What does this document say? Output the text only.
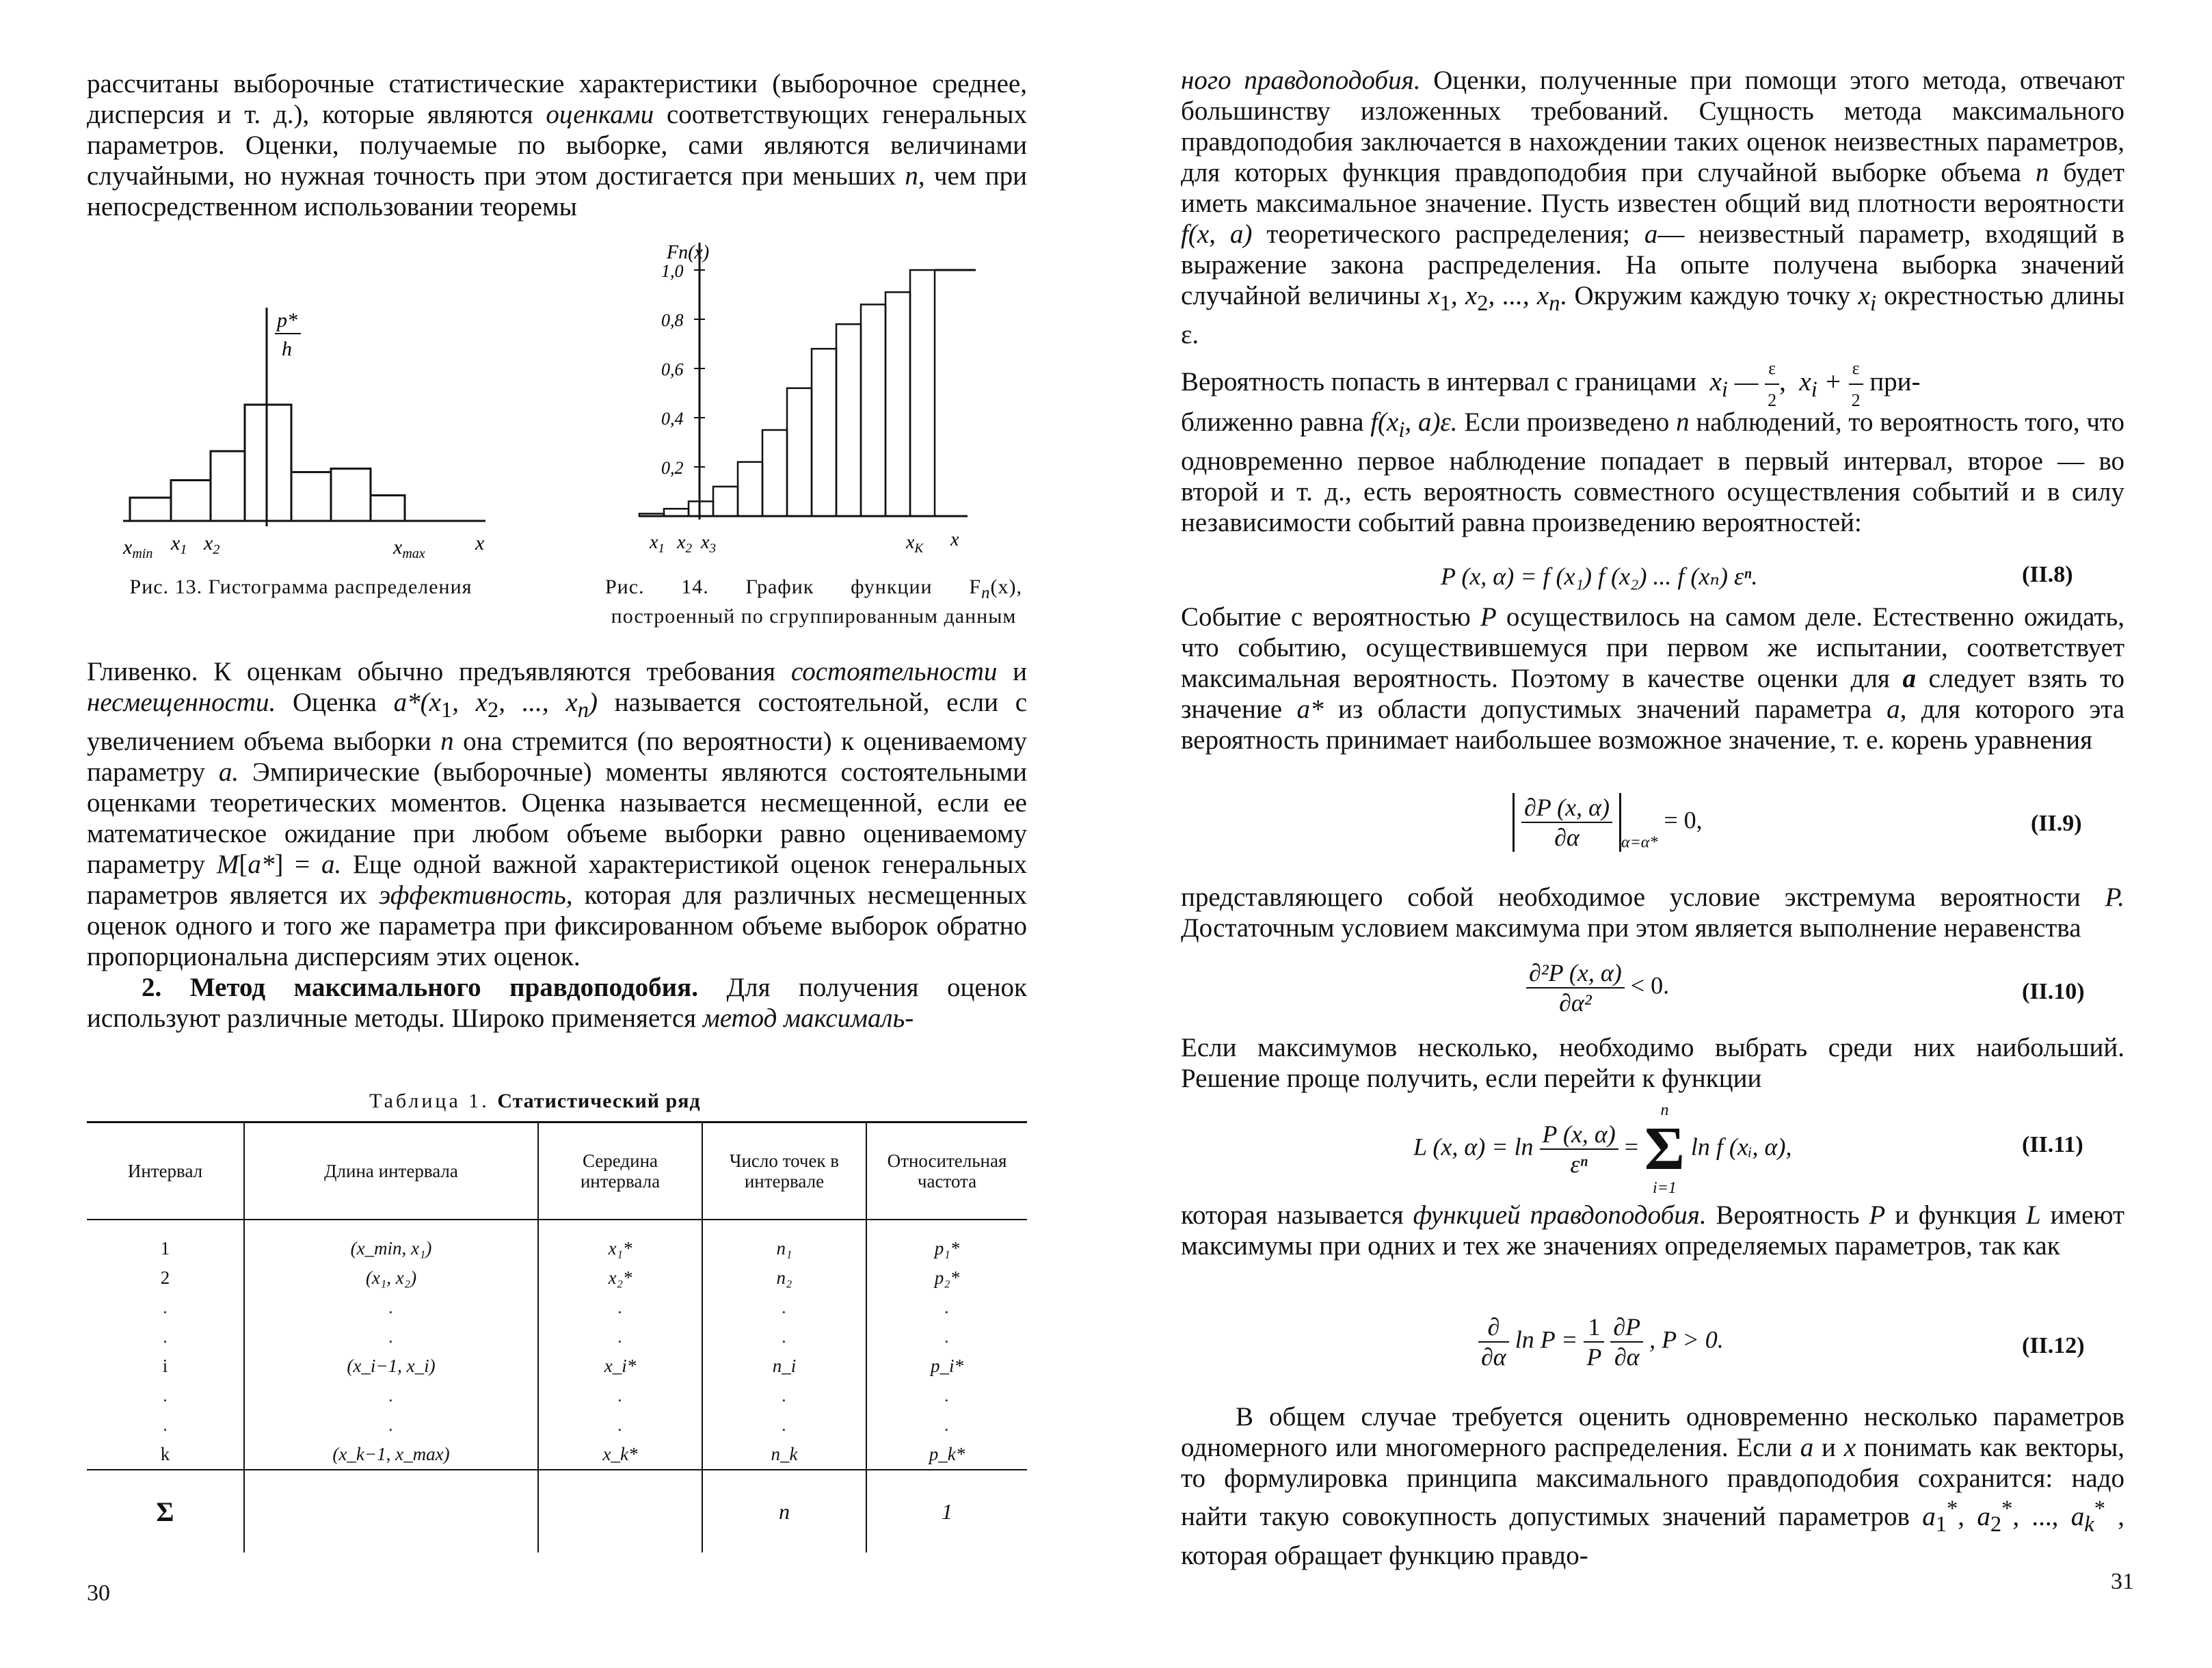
рассчитаны выборочные статистические характеристики (выборочное среднее, дисперсия и т. д.), которые являются оценками соответствующих генеральных параметров. Оценки, получаемые по выборке, сами являются величинами случайными, но нужная точность при этом достигается при меньших n, чем при непосредственном использовании теоремы

p*
h
$x_{min}$ $x_1$ $x_2$	$x_{max}$ x
Рис. 13. Гистограмма распределения
Fn(x)
1,0
0,8
0,6
0,4
0,2
$x_1$ $x_2$ $x_3$	$x_K$ x
Рис. 14. График функции $F_n(x)$, построенный по сгруппированным данным

Гливенко. К оценкам обычно предъявляются требования состоятельности и несмещенности. Оценка $a*(x_1$, $x_2$, ..., $x_n$) называется состоятельной, если с увеличением объема выборки n она стремится (по вероятности) к оцениваемому параметру a. Эмпирические (выборочные) моменты являются состоятельными оценками теоретических моментов. Оценка называется несмещенной, если ее математическое ожидание при любом объеме выборки равно оцениваемому параметру M[a*] = a. Еще одной важной характеристикой оценок генеральных параметров является их эффективность, которая для различных несмещенных оценок одного и того же параметра при фиксированном объеме выборок обратно пропорциональна дисперсиям этих оценок.

2. Метод максимального правдоподобия. Для получения оценок используют различные методы. Широко применяется метод максималь-

Таблица 1. Статистический ряд
Интервал	Длина интервала	Середина интервала	Число точек в интервале	Относительная частота
1	(x_min, x₁)	x₁*	n₁	p₁*
2	(x₁, x₂)	x₂*	n₂	p₂*
.	.	.	.	.
.	.	.	.	.
i	(x_i−1, x_i)	x_i*	n_i	p_i*
.	.	.	.	.
.	.	.	.	.
k	(x_k−1, x_max)	x_k*	n_k	p_k*
Σ			n	1
30

ного правдоподобия. Оценки, полученные при помощи этого метода, отвечают большинству изложенных требований. Сущность метода максимального правдоподобия заключается в нахождении таких оценок неизвестных параметров, для которых функция правдоподобия при случайной выборке объема n будет иметь максимальное значение. Пусть известен общий вид плотности вероятности f(x, a) теоретического распределения; a— неизвестный параметр, входящий в выражение закона распределения. На опыте получена выборка значений случайной величины $x_1$, $x_2$, ..., $x_n$. Окружим каждую точку $x_i$ окрестностью длины ε.

Вероятность попасть в интервал с границами $x_i$ — $\frac{\varepsilon}{2}$ , $x_i + \frac{\varepsilon}{2} при-$

ближенно равна $f(x_i$, a)ε. Если произведено n наблюдений, то вероятность того, что одновременно первое наблюдение попадает в первый интервал, второе — во второй и т. д., есть вероятность совместного осуществления событий и в силу независимости событий равна произведению вероятностей:

P (x, α) = f (x₁) f (x₂) ... f (xₙ) εⁿ.	(II.8)

Событие с вероятностью P осуществилось на самом деле. Естественно ожидать, что событию, осуществившемуся при первом же испытании, соответствует максимальная вероятность. Поэтому в качестве оценки для a следует взять то значение a* из области допустимых значений параметра a, для которого эта вероятность принимает наибольшее возможное значение, т. е. корень уравнения

$\frac{\partial P (x, \alpha)}{\partial\alpha} _{\alpha=\alpha*} = 0$,	(II.9)

представляющего собой необходимое условие экстремума вероятности P. Достаточным условием максимума при этом является выполнение неравенства

$\frac{\text{∂²P (x, α)}}{\text{∂α²}} < 0$.	(II.10)

Если максимумов несколько, необходимо выбрать среди них наибольший. Решение проще получить, если перейти к функции

L (x, $\alpha) = \ln \frac{P (x, \alpha)}{\text{εⁿ}}$ =
n
Σ
i=1
ln f (xᵢ, α),	(II.11)

которая называется функцией правдоподобия. Вероятность P и функция L имеют максимумы при одних и тех же значениях определяемых параметров, так как

$\frac{\partial}{\partial\alpha}$ $\ln P = \frac{1}{P}$
$\frac{\partial P}{\partial\alpha}$ , P > 0.	(II.12)

В общем случае требуется оценить одновременно несколько параметров одномерного или многомерного распределения. Если a и x понимать как векторы, то формулировка принципа максимального правдоподобия сохранится: надо найти такую совокупность допустимых значений параметров $a_1^*$, $a_2^*$, ..., $a_k^*$ , которая обращает функцию правдо-

31
